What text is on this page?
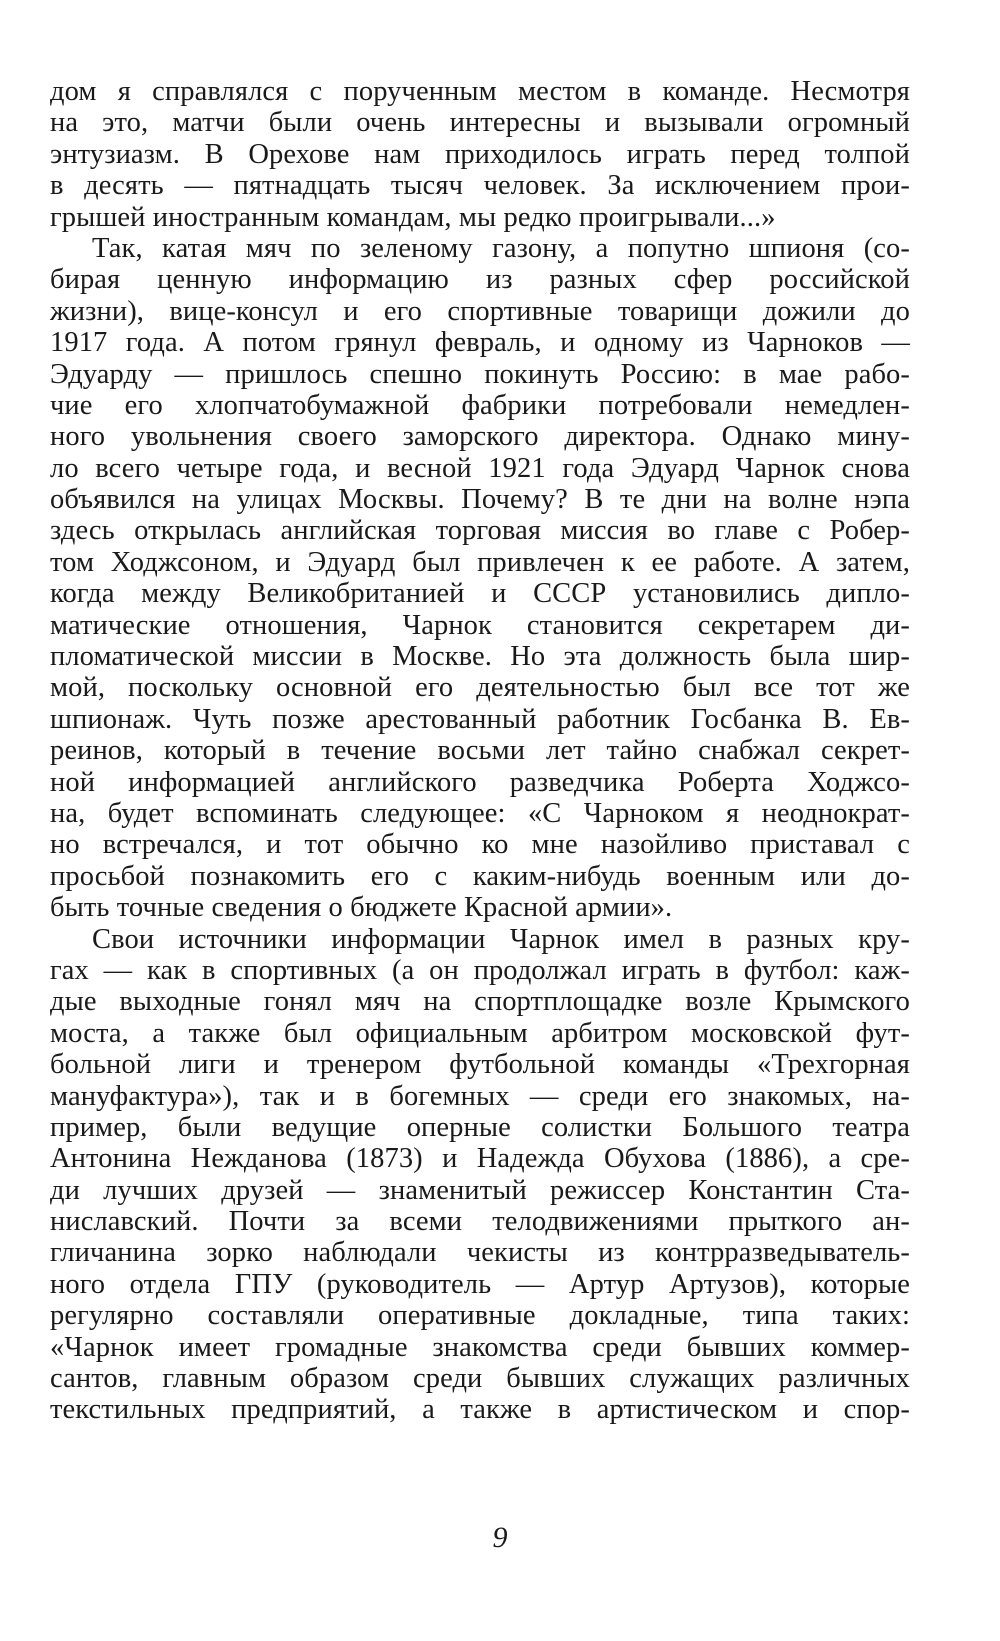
дом я справлялся с порученным местом в команде. Несмотря
на это, матчи были очень интересны и вызывали огромный
энтузиазм. В Орехове нам приходилось играть перед толпой
в десять — пятнадцать тысяч человек. За исключением прои-
грышей иностранным командам, мы редко проигрывали...»
Так, катая мяч по зеленому газону, а попутно шпионя (со-
бирая ценную информацию из разных сфер российской
жизни), вице-консул и его спортивные товарищи дожили до
1917 года. А потом грянул февраль, и одному из Чарноков —
Эдуарду — пришлось спешно покинуть Россию: в мае рабо-
чие его хлопчатобумажной фабрики потребовали немедлен-
ного увольнения своего заморского директора. Однако мину-
ло всего четыре года, и весной 1921 года Эдуард Чарнок снова
объявился на улицах Москвы. Почему? В те дни на волне нэпа
здесь открылась английская торговая миссия во главе с Робер-
том Ходжсоном, и Эдуард был привлечен к ее работе. А затем,
когда между Великобританией и СССР установились дипло-
матические отношения, Чарнок становится секретарем ди-
пломатической миссии в Москве. Но эта должность была шир-
мой, поскольку основной его деятельностью был все тот же
шпионаж. Чуть позже арестованный работник Госбанка В. Ев-
реинов, который в течение восьми лет тайно снабжал секрет-
ной информацией английского разведчика Роберта Ходжсо-
на, будет вспоминать следующее: «С Чарноком я неоднократ-
но встречался, и тот обычно ко мне назойливо приставал с
просьбой познакомить его с каким-нибудь военным или до-
быть точные сведения о бюджете Красной армии».
Свои источники информации Чарнок имел в разных кру-
гах — как в спортивных (а он продолжал играть в футбол: каж-
дые выходные гонял мяч на спортплощадке возле Крымского
моста, а также был официальным арбитром московской фут-
больной лиги и тренером футбольной команды «Трехгорная
мануфактура»), так и в богемных — среди его знакомых, на-
пример, были ведущие оперные солистки Большого театра
Антонина Нежданова (1873) и Надежда Обухова (1886), а сре-
ди лучших друзей — знаменитый режиссер Константин Ста-
ниславский. Почти за всеми телодвижениями прыткого ан-
гличанина зорко наблюдали чекисты из контрразведыватель-
ного отдела ГПУ (руководитель — Артур Артузов), которые
регулярно составляли оперативные докладные, типа таких:
«Чарнок имеет громадные знакомства среди бывших коммер-
сантов, главным образом среди бывших служащих различных
текстильных предприятий, а также в артистическом и спор-
9
